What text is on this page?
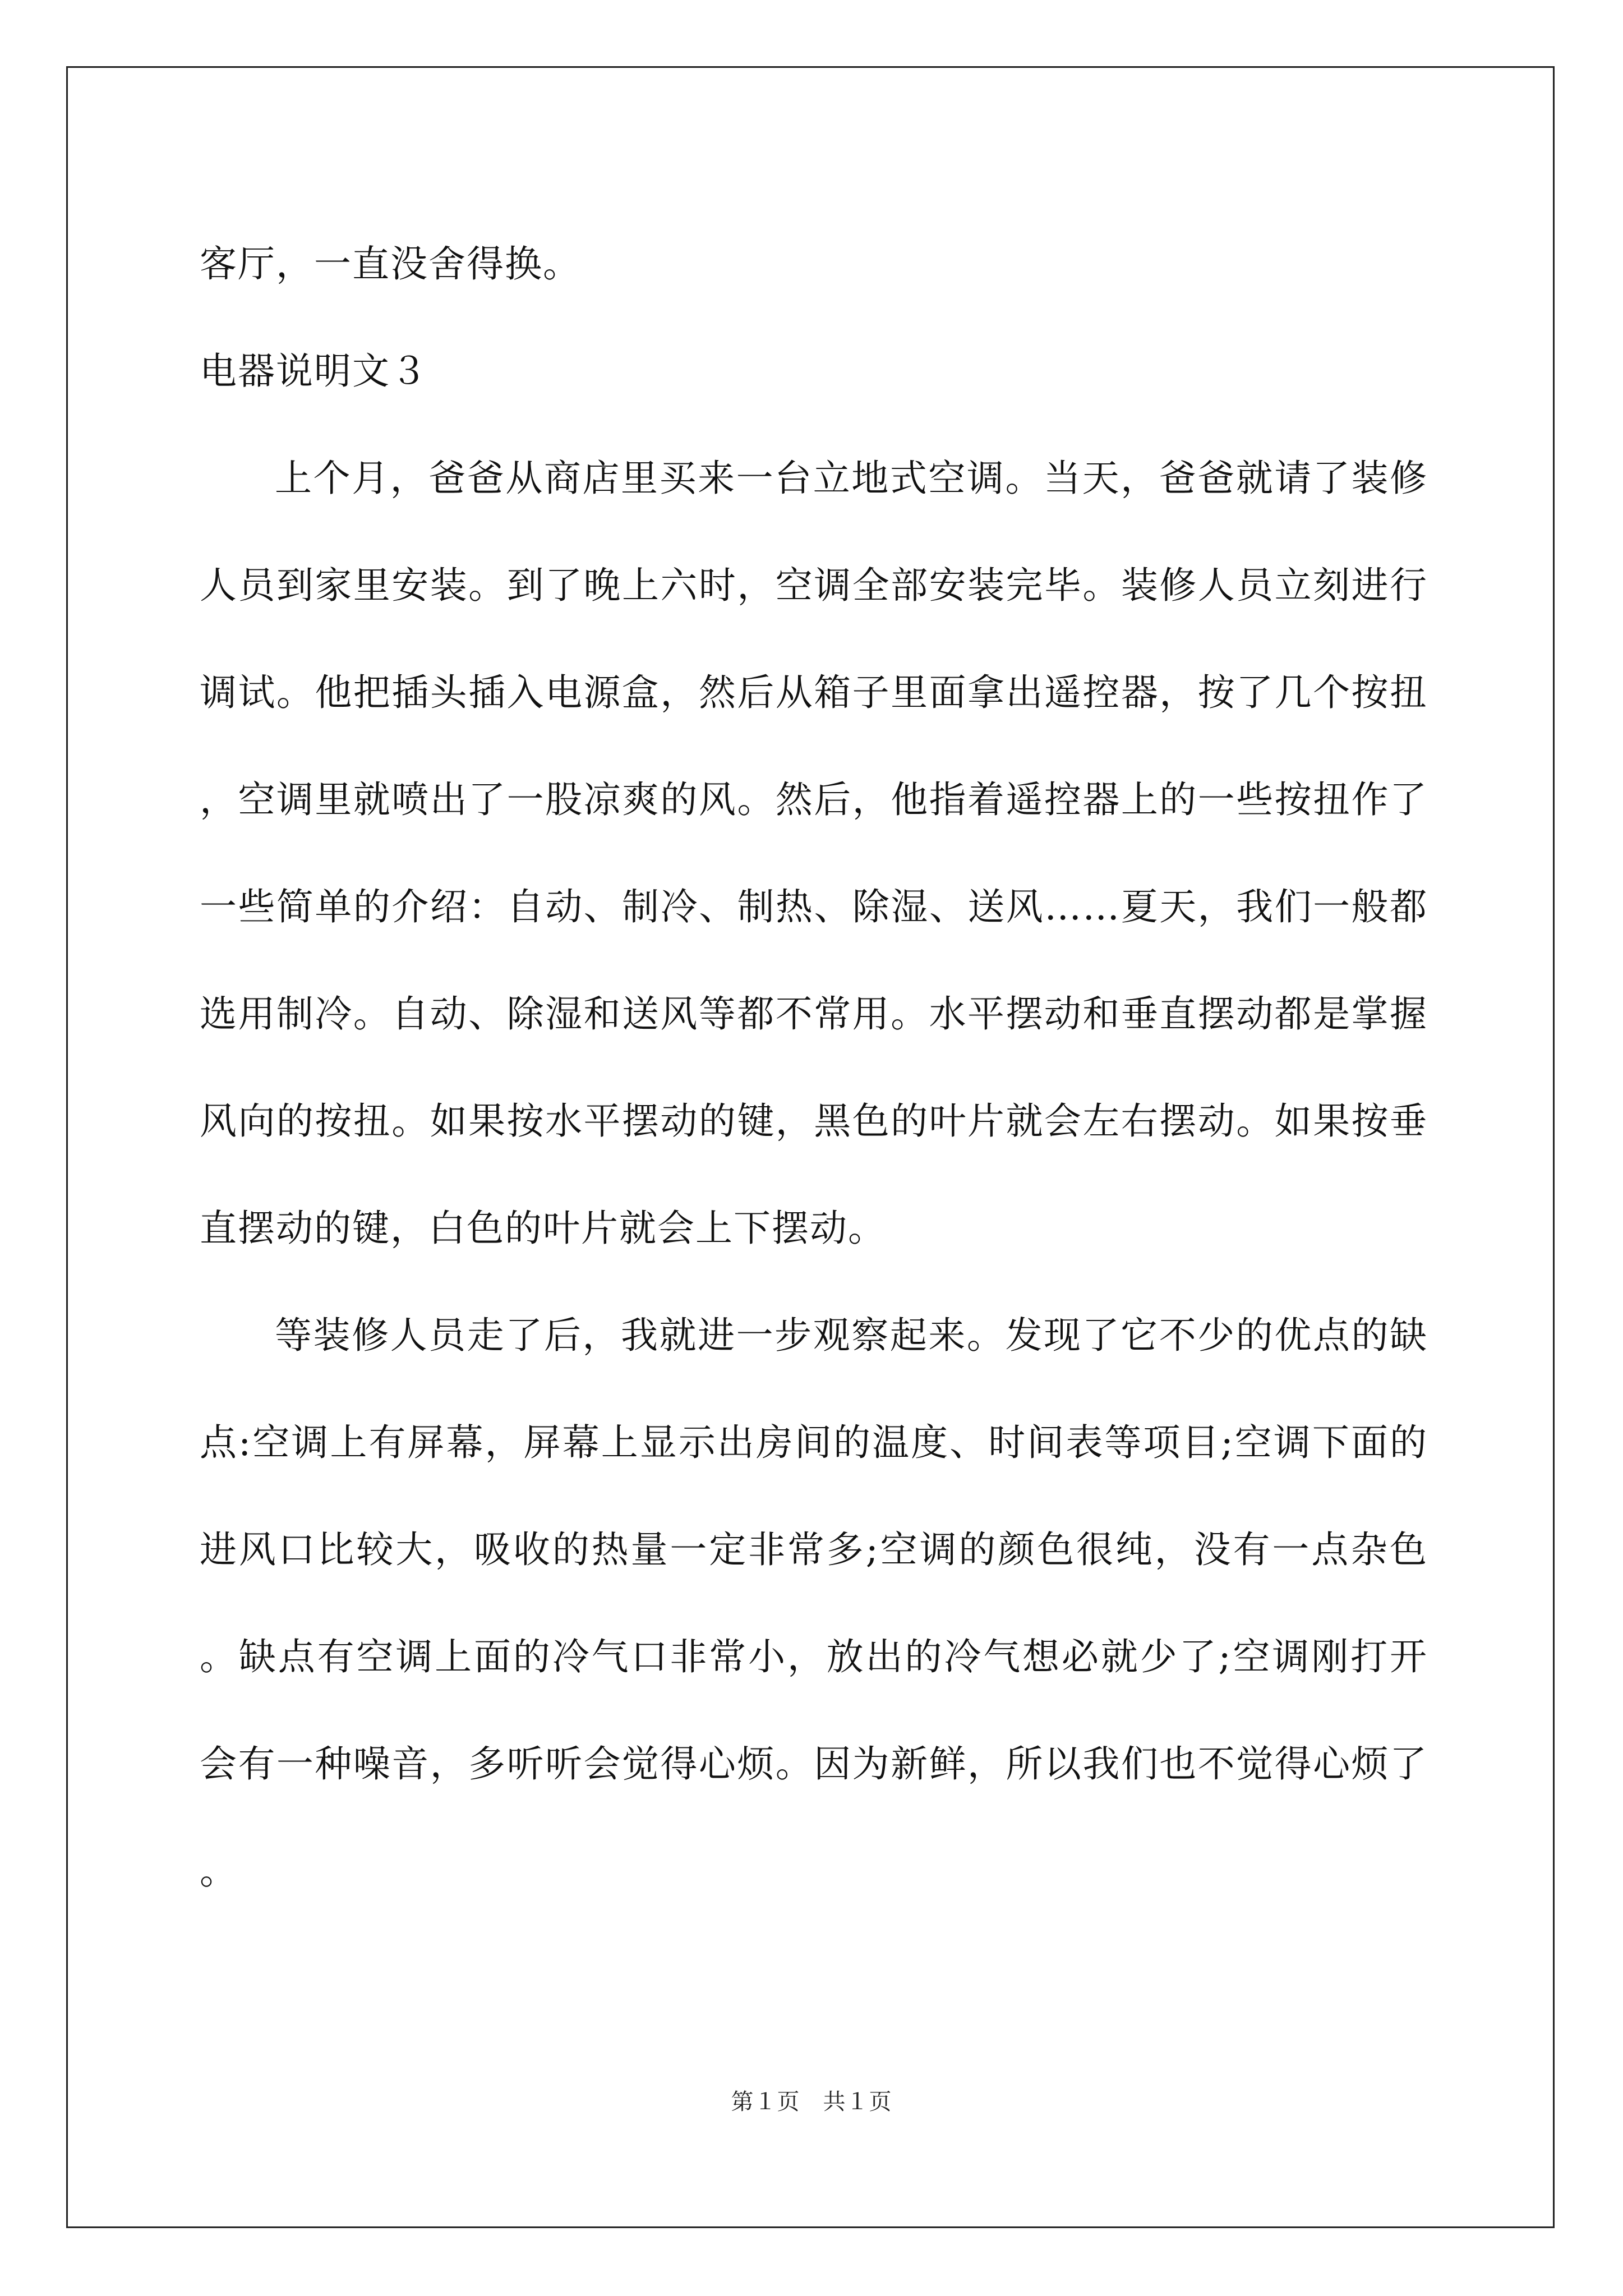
客厅，一直没舍得换。

电器说明文３

上个月，爸爸从商店里买来一台立地式空调。当天，爸爸就请了装修人员到家里安装。到了晚上六时，空调全部安装完毕。装修人员立刻进行调试。他把插头插入电源盒，然后从箱子里面拿出遥控器，按了几个按扭，空调里就喷出了一股凉爽的风。然后，他指着遥控器上的一些按扭作了一些简单的介绍：自动、制冷、制热、除湿、送风……夏天，我们一般都选用制冷。自动、除湿和送风等都不常用。水平摆动和垂直摆动都是掌握风向的按扭。如果按水平摆动的键，黑色的叶片就会左右摆动。如果按垂直摆动的键，白色的叶片就会上下摆动。

等装修人员走了后，我就进一步观察起来。发现了它不少的优点的缺点:空调上有屏幕，屏幕上显示出房间的温度、时间表等项目;空调下面的进风口比较大，吸收的热量一定非常多;空调的颜色很纯，没有一点杂色。缺点有空调上面的冷气口非常小，放出的冷气想必就少了;空调刚打开会有一种噪音，多听听会觉得心烦。因为新鲜，所以我们也不觉得心烦了。

第１页　共１页
